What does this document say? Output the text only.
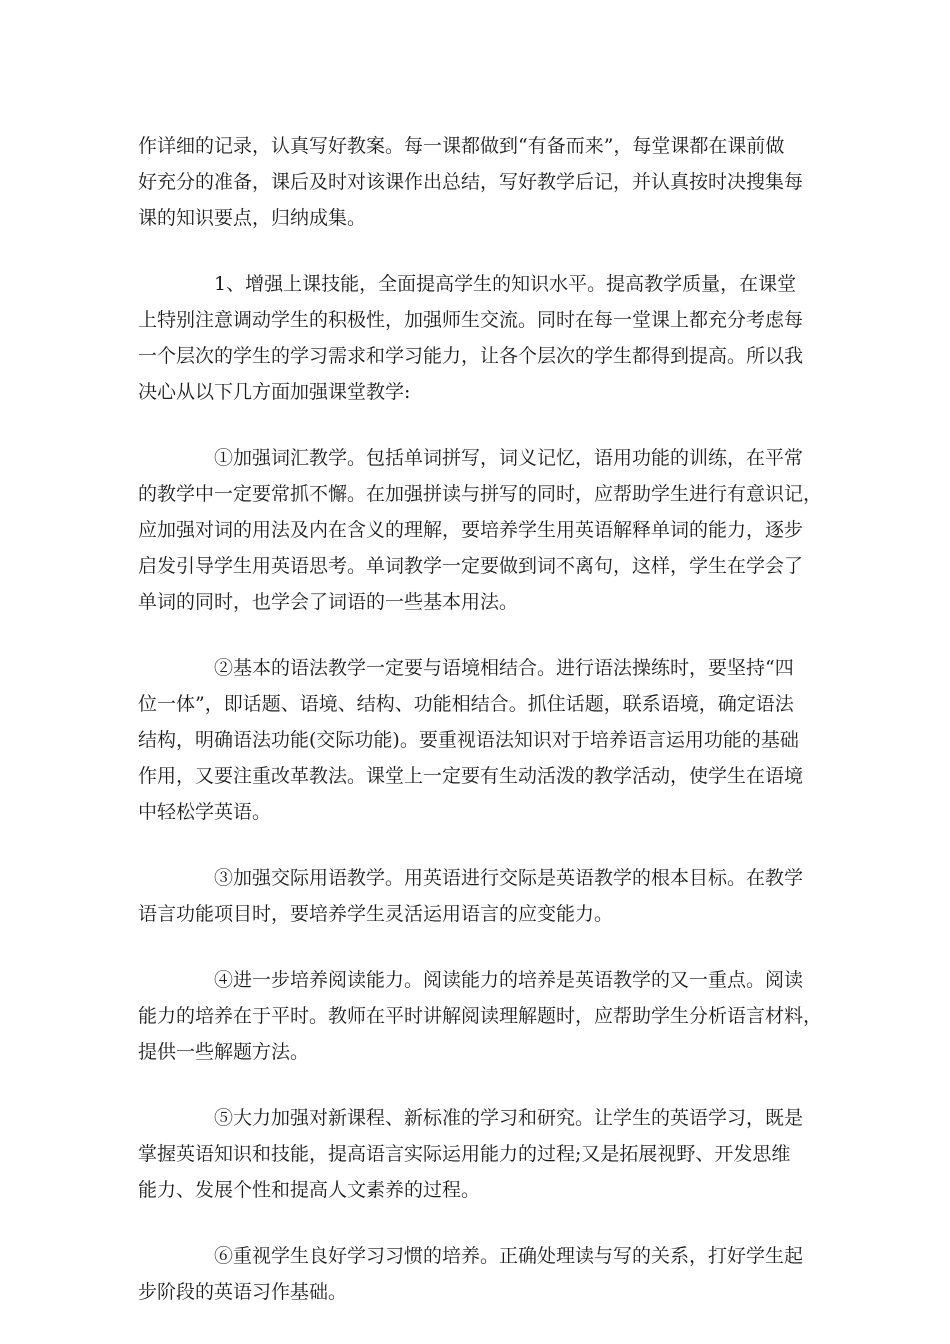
作详细的记录，认真写好教案。每一课都做到“有备而来”，每堂课都在课前做
好充分的准备，课后及时对该课作出总结，写好教学后记，并认真按时决搜集每
课的知识要点，归纳成集。

　　　　1、增强上课技能，全面提高学生的知识水平。提高教学质量，在课堂
上特别注意调动学生的积极性，加强师生交流。同时在每一堂课上都充分考虑每
一个层次的学生的学习需求和学习能力，让各个层次的学生都得到提高。所以我
决心从以下几方面加强课堂教学:

　　　　①加强词汇教学。包括单词拼写，词义记忆，语用功能的训练，在平常
的教学中一定要常抓不懈。在加强拼读与拼写的同时，应帮助学生进行有意识记，
应加强对词的用法及内在含义的理解，要培养学生用英语解释单词的能力，逐步
启发引导学生用英语思考。单词教学一定要做到词不离句，这样，学生在学会了
单词的同时，也学会了词语的一些基本用法。

　　　　②基本的语法教学一定要与语境相结合。进行语法操练时，要坚持“四
位一体”，即话题、语境、结构、功能相结合。抓住话题，联系语境，确定语法
结构，明确语法功能(交际功能)。要重视语法知识对于培养语言运用功能的基础
作用，又要注重改革教法。课堂上一定要有生动活泼的教学活动，使学生在语境
中轻松学英语。

　　　　③加强交际用语教学。用英语进行交际是英语教学的根本目标。在教学
语言功能项目时，要培养学生灵活运用语言的应变能力。

　　　　④进一步培养阅读能力。阅读能力的培养是英语教学的又一重点。阅读
能力的培养在于平时。教师在平时讲解阅读理解题时，应帮助学生分析语言材料，
提供一些解题方法。

　　　　⑤大力加强对新课程、新标准的学习和研究。让学生的英语学习，既是
掌握英语知识和技能，提高语言实际运用能力的过程;又是拓展视野、开发思维
能力、发展个性和提高人文素养的过程。

　　　　⑥重视学生良好学习习惯的培养。正确处理读与写的关系，打好学生起
步阶段的英语习作基础。
